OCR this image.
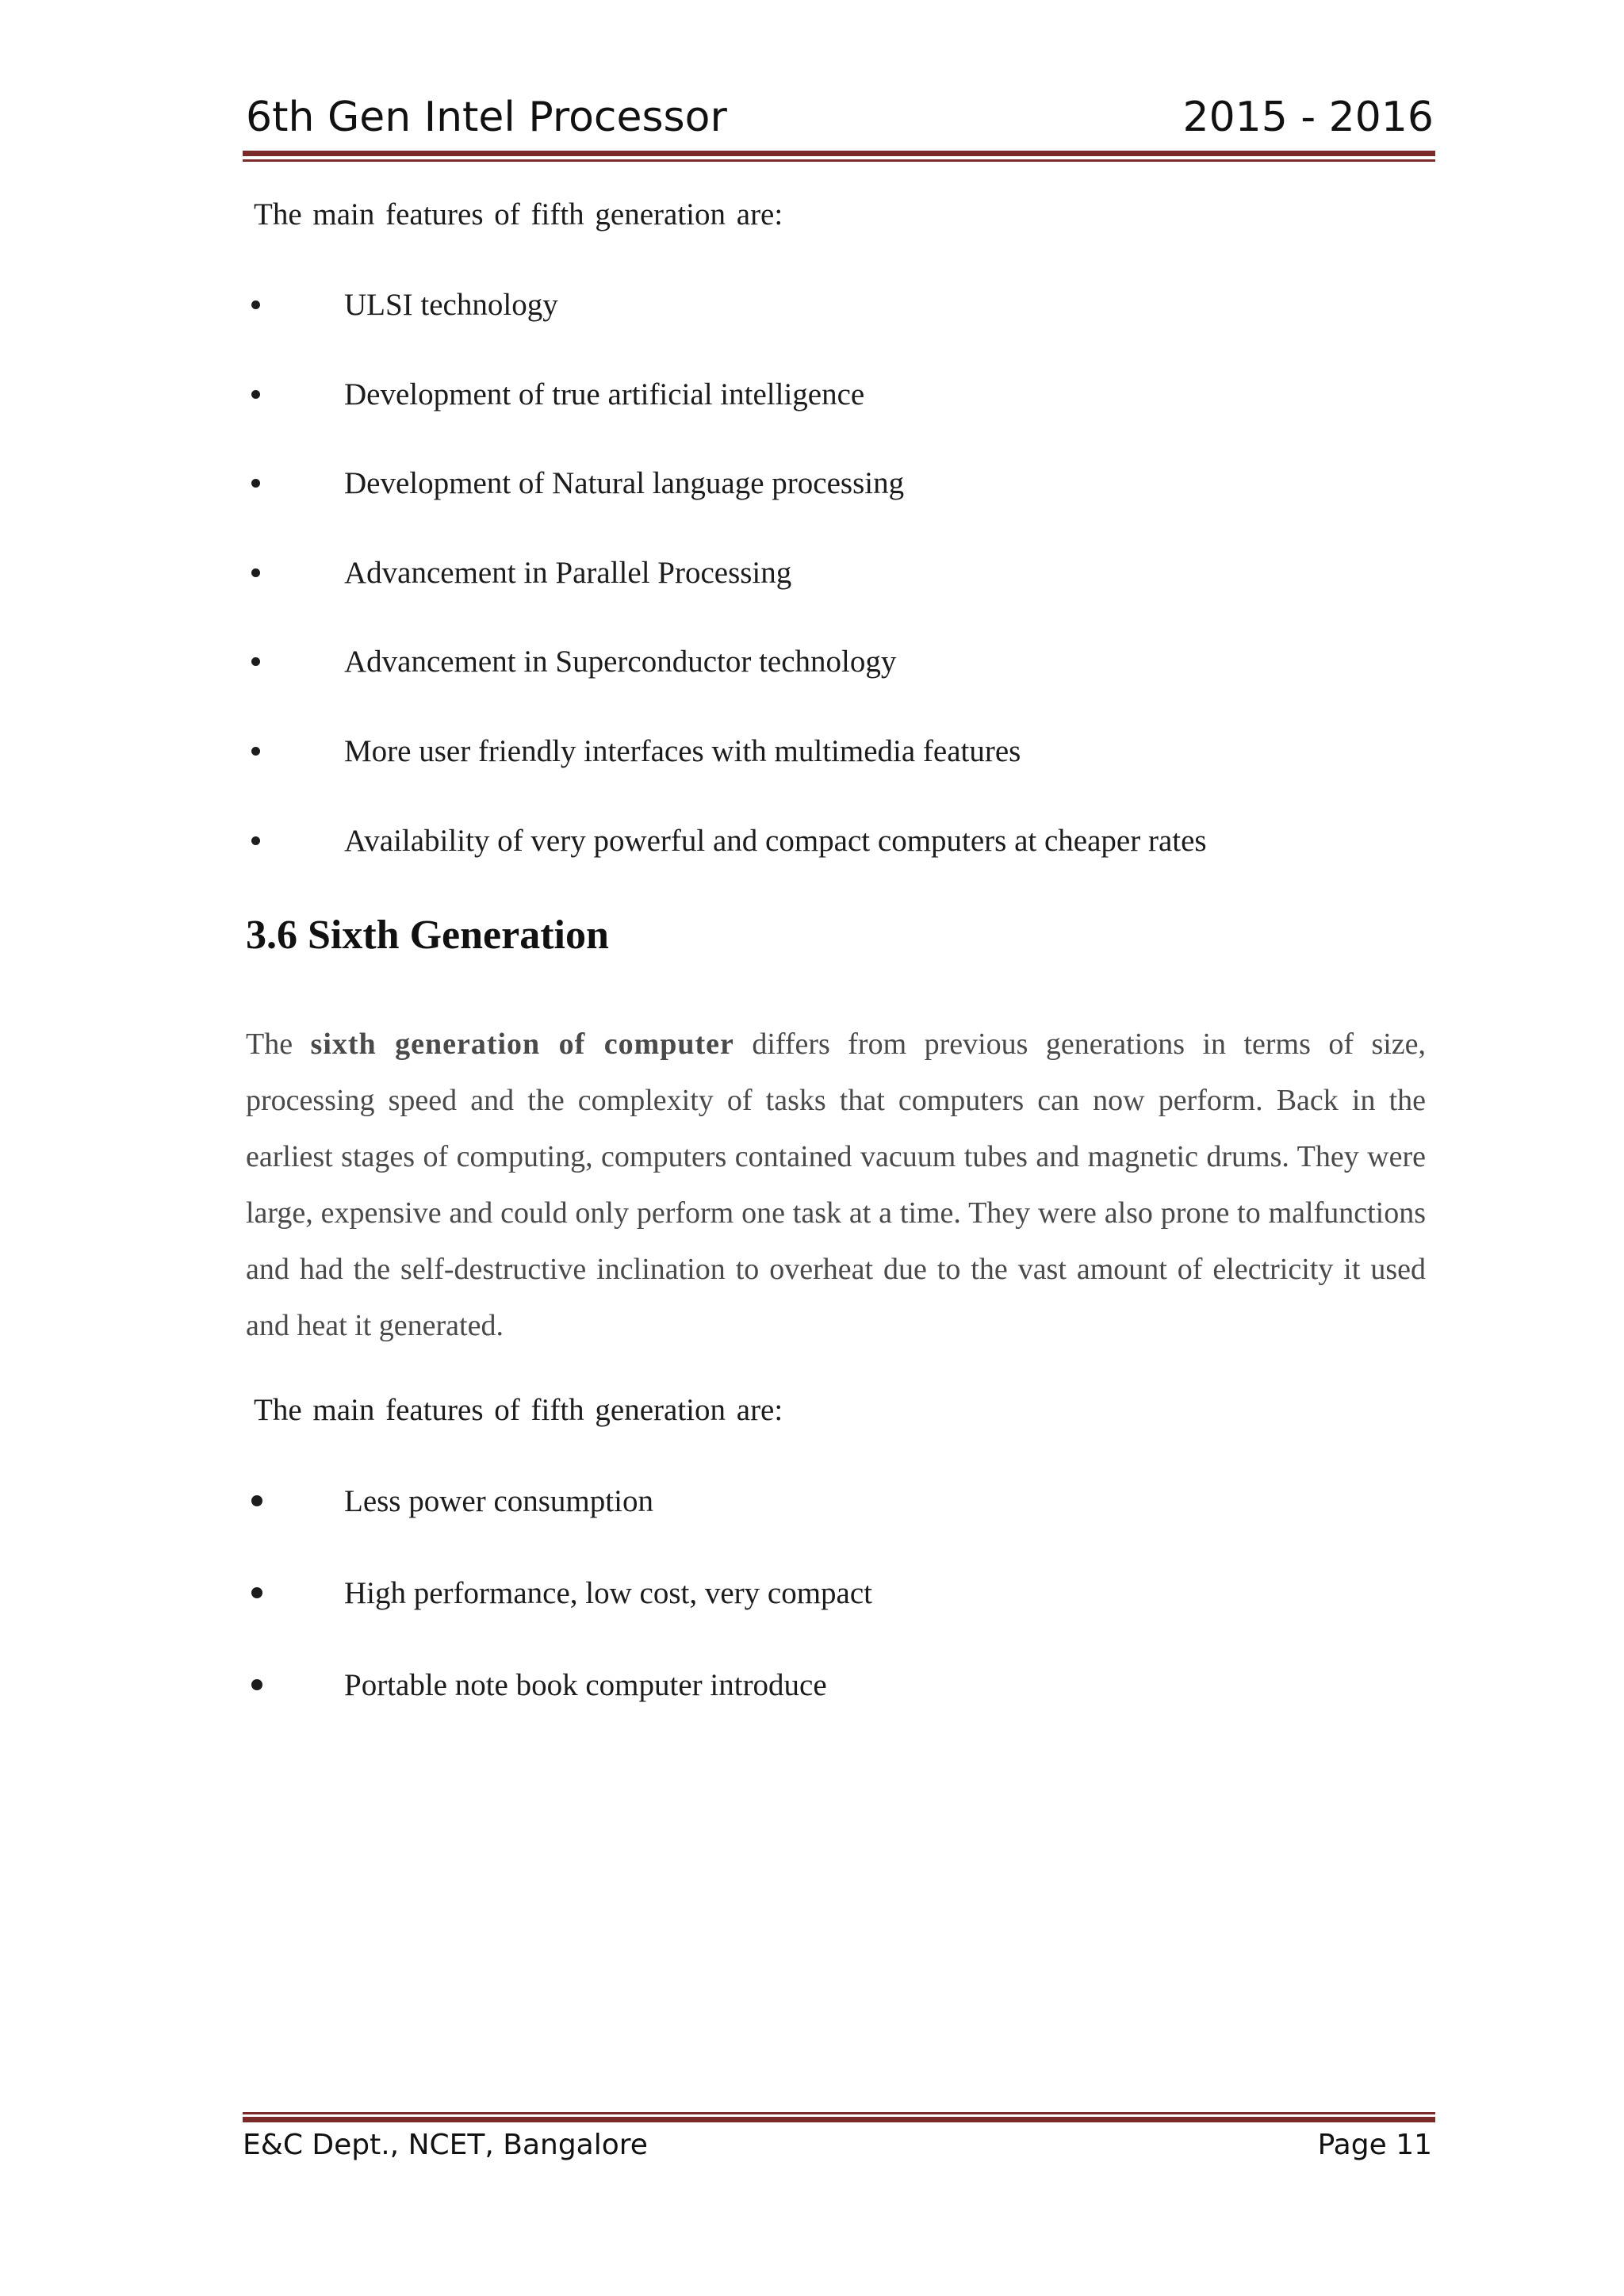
6th Gen Intel Processor	2015 - 2016
The main features of fifth generation are:
ULSI technology
Development of true artificial intelligence
Development of Natural language processing
Advancement in Parallel Processing
Advancement in Superconductor technology
More user friendly interfaces with multimedia features
Availability of very powerful and compact computers at cheaper rates
3.6 Sixth Generation
The sixth generation of computer differs from previous generations in terms of size, processing speed and the complexity of tasks that computers can now perform. Back in the earliest stages of computing, computers contained vacuum tubes and magnetic drums. They were large, expensive and could only perform one task at a time. They were also prone to malfunctions and had the self-destructive inclination to overheat due to the vast amount of electricity it used and heat it generated.
The main features of fifth generation are:
Less power consumption
High performance, low cost, very compact
Portable note book computer introduce
E&C Dept., NCET, Bangalore	Page 11
